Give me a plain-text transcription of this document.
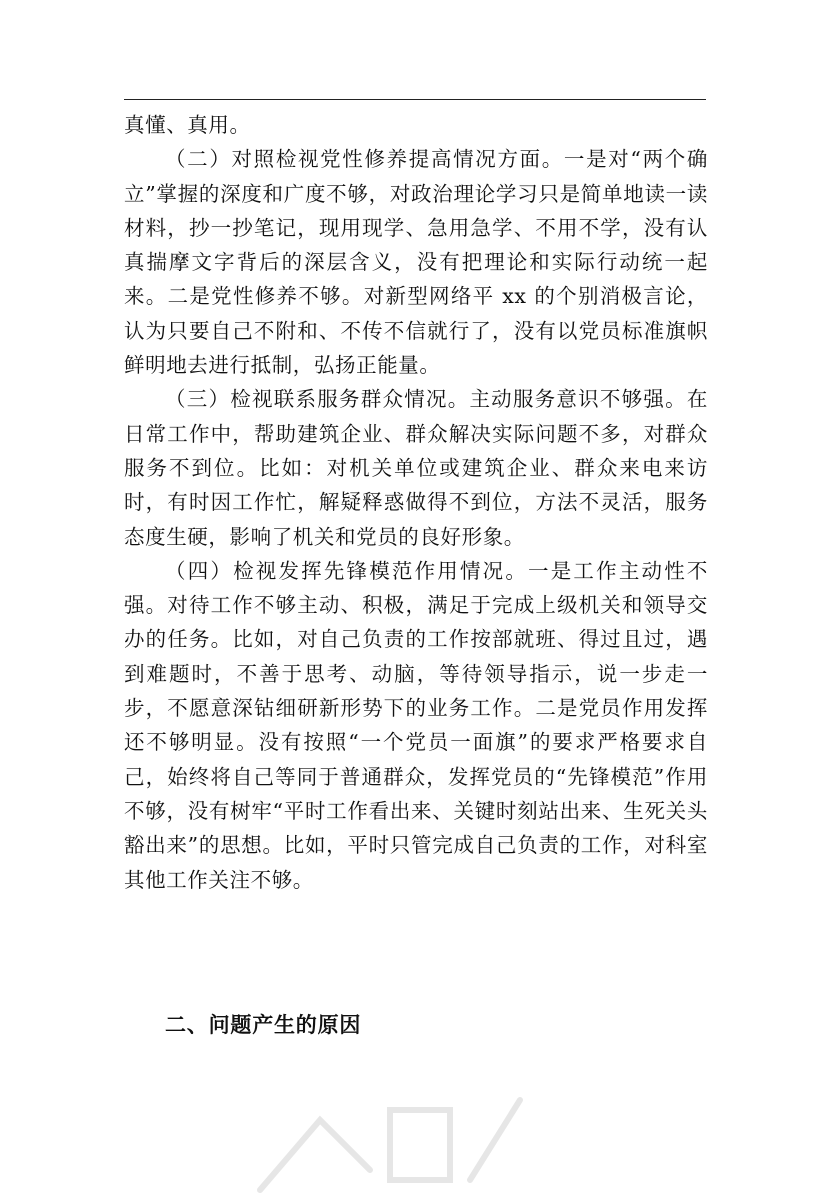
真懂、真用。

（二）对照检视党性修养提高情况方面。一是对“两个确立”掌握的深度和广度不够，对政治理论学习只是简单地读一读材料，抄一抄笔记，现用现学、急用急学、不用不学，没有认真揣摩文字背后的深层含义，没有把理论和实际行动统一起来。二是党性修养不够。对新型网络平 xx 的个别消极言论，认为只要自己不附和、不传不信就行了，没有以党员标准旗帜鲜明地去进行抵制，弘扬正能量。

（三）检视联系服务群众情况。主动服务意识不够强。在日常工作中，帮助建筑企业、群众解决实际问题不多，对群众服务不到位。比如：对机关单位或建筑企业、群众来电来访时，有时因工作忙，解疑释惑做得不到位，方法不灵活，服务态度生硬，影响了机关和党员的良好形象。

（四）检视发挥先锋模范作用情况。一是工作主动性不强。对待工作不够主动、积极，满足于完成上级机关和领导交办的任务。比如，对自己负责的工作按部就班、得过且过，遇到难题时，不善于思考、动脑，等待领导指示，说一步走一步，不愿意深钻细研新形势下的业务工作。二是党员作用发挥还不够明显。没有按照“一个党员一面旗”的要求严格要求自己，始终将自己等同于普通群众，发挥党员的“先锋模范”作用不够，没有树牢“平时工作看出来、关键时刻站出来、生死关头豁出来”的思想。比如，平时只管完成自己负责的工作，对科室其他工作关注不够。

二、问题产生的原因
